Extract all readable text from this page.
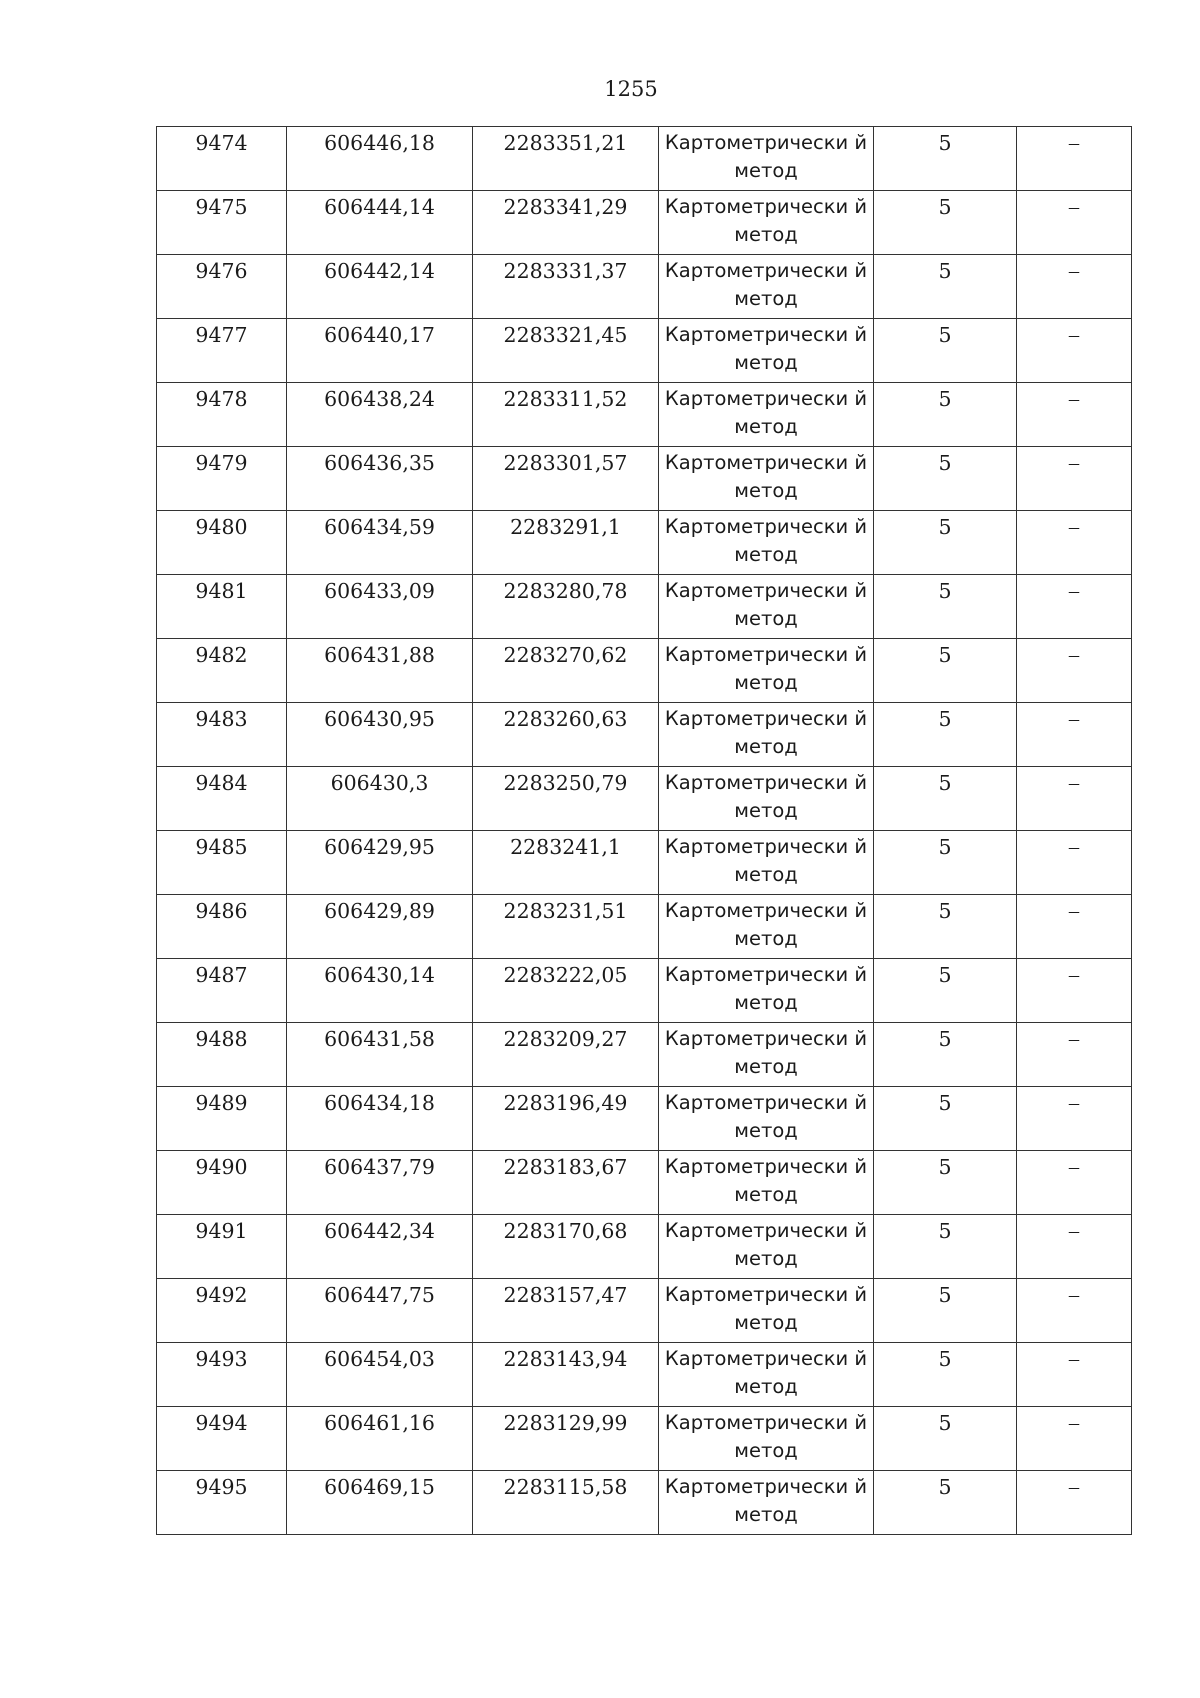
1255
9474	606446,18	2283351,21	Картометрически й метод	5	–
9475	606444,14	2283341,29	Картометрически й метод	5	–
9476	606442,14	2283331,37	Картометрически й метод	5	–
9477	606440,17	2283321,45	Картометрически й метод	5	–
9478	606438,24	2283311,52	Картометрически й метод	5	–
9479	606436,35	2283301,57	Картометрически й метод	5	–
9480	606434,59	2283291,1	Картометрически й метод	5	–
9481	606433,09	2283280,78	Картометрически й метод	5	–
9482	606431,88	2283270,62	Картометрически й метод	5	–
9483	606430,95	2283260,63	Картометрически й метод	5	–
9484	606430,3	2283250,79	Картометрически й метод	5	–
9485	606429,95	2283241,1	Картометрически й метод	5	–
9486	606429,89	2283231,51	Картометрически й метод	5	–
9487	606430,14	2283222,05	Картометрически й метод	5	–
9488	606431,58	2283209,27	Картометрически й метод	5	–
9489	606434,18	2283196,49	Картометрически й метод	5	–
9490	606437,79	2283183,67	Картометрически й метод	5	–
9491	606442,34	2283170,68	Картометрически й метод	5	–
9492	606447,75	2283157,47	Картометрически й метод	5	–
9493	606454,03	2283143,94	Картометрически й метод	5	–
9494	606461,16	2283129,99	Картометрически й метод	5	–
9495	606469,15	2283115,58	Картометрически й метод	5	–
